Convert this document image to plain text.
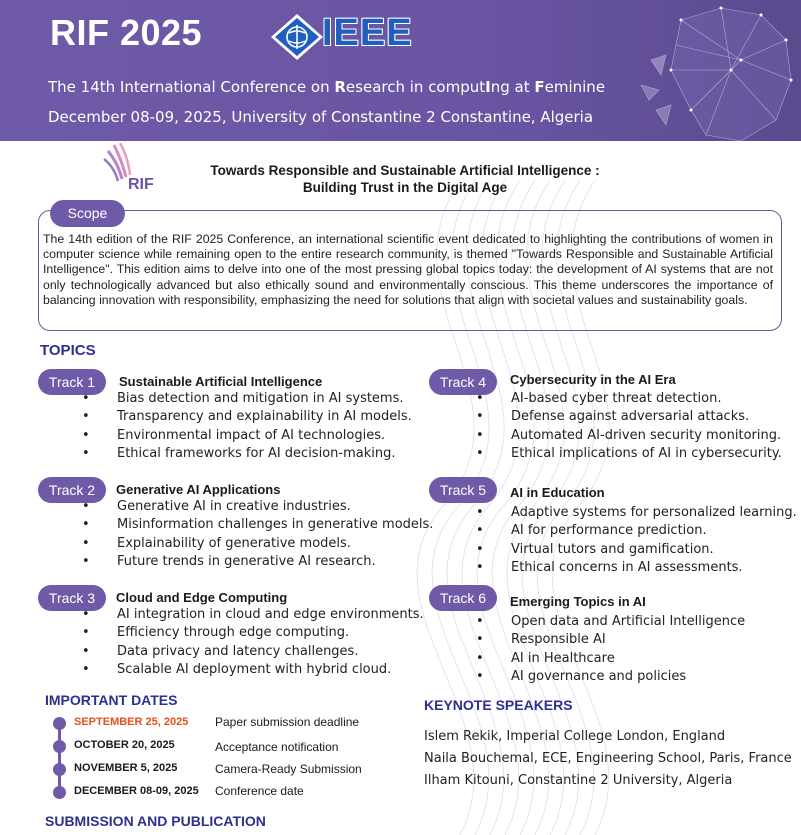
RIF 2025	IEEE
The 14th International Conference on Research in computIng at Feminine
December 08-09, 2025, University of Constantine 2 Constantine, Algeria
RIF
Towards Responsible and Sustainable Artificial Intelligence :
Building Trust in the Digital Age
Scope
The 14th edition of the RIF 2025 Conference, an international scientific event dedicated to highlighting the contributions of women in computer science while remaining open to the entire research community, is themed "Towards Responsible and Sustainable Artificial Intelligence". This edition aims to delve into one of the most pressing global topics today: the development of AI systems that are not only technologically advanced but also ethically sound and environmentally conscious. This theme underscores the importance of balancing innovation with responsibility, emphasizing the need for solutions that align with societal values and sustainability goals.
TOPICS
Track 1	Sustainable Artificial Intelligence
• Bias detection and mitigation in AI systems.
• Transparency and explainability in AI models.
• Environmental impact of AI technologies.
• Ethical frameworks for AI decision-making.
Track 2	Generative AI Applications
• Generative AI in creative industries.
• Misinformation challenges in generative models.
• Explainability of generative models.
• Future trends in generative AI research.
Track 3	Cloud and Edge Computing
• AI integration in cloud and edge environments.
• Efficiency through edge computing.
• Data privacy and latency challenges.
• Scalable AI deployment with hybrid cloud.
Track 4	Cybersecurity in the AI Era
• AI-based cyber threat detection.
• Defense against adversarial attacks.
• Automated AI-driven security monitoring.
• Ethical implications of AI in cybersecurity.
Track 5	AI in Education
• Adaptive systems for personalized learning.
• AI for performance prediction.
• Virtual tutors and gamification.
• Ethical concerns in AI assessments.
Track 6	Emerging Topics in AI
• Open data and Artificial Intelligence
• Responsible AI
• AI in Healthcare
• AI governance and policies
IMPORTANT DATES
SEPTEMBER 25, 2025 Paper submission deadline
OCTOBER 20, 2025	Acceptance notification
NOVEMBER 5, 2025	Camera-Ready Submission
DECEMBER 08-09, 2025 Conference date
KEYNOTE SPEAKERS
Islem Rekik, Imperial College London, England
Naila Bouchemal, ECE, Engineering School, Paris, France
Ilham Kitouni, Constantine 2 University, Algeria
SUBMISSION AND PUBLICATION
